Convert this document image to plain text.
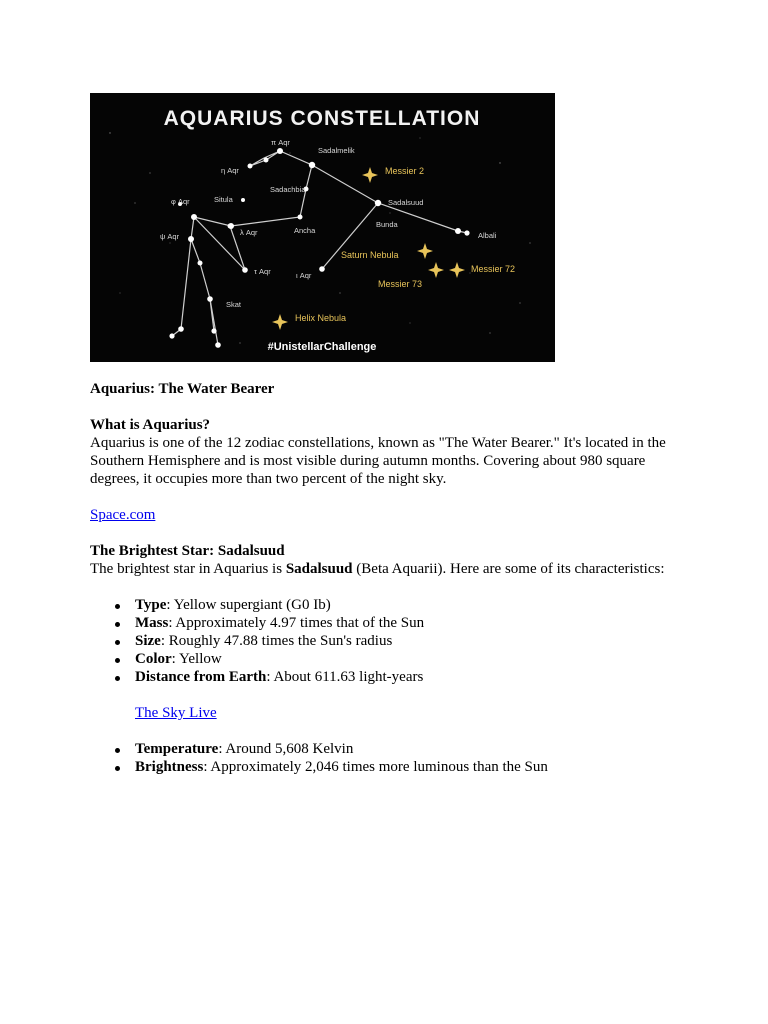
AQUARIUS CONSTELLATION
π Aqr
Sadalmelik
η Aqr	Messier 2
Sadachbia
φ Aqr	Situla	Sadalsuud
ψ Aqr	λ Aqr	Ancha
Bunda
Albali
Saturn Nebula
τ Aqr	ι Aqr
Messier 72
Messier 73
Skat
Helix Nebula
#UnistellarChallenge

Aquarius: The Water Bearer

What is Aquarius?

Aquarius is one of the 12 zodiac constellations, known as "The Water Bearer." It's located in the Southern Hemisphere and is most visible during autumn months. Covering about 980 square degrees, it occupies more than two percent of the night sky.

Space.com

The Brightest Star: Sadalsuud

The brightest star in Aquarius is Sadalsuud (Beta Aquarii). Here are some of its characteristics:

Type: Yellow supergiant (G0 Ib)
Mass: Approximately 4.97 times that of the Sun
Size: Roughly 47.88 times the Sun's radius
Color: Yellow
Distance from Earth: About 611.63 light-years

The Sky Live

Temperature: Around 5,608 Kelvin
Brightness: Approximately 2,046 times more luminous than the Sun
